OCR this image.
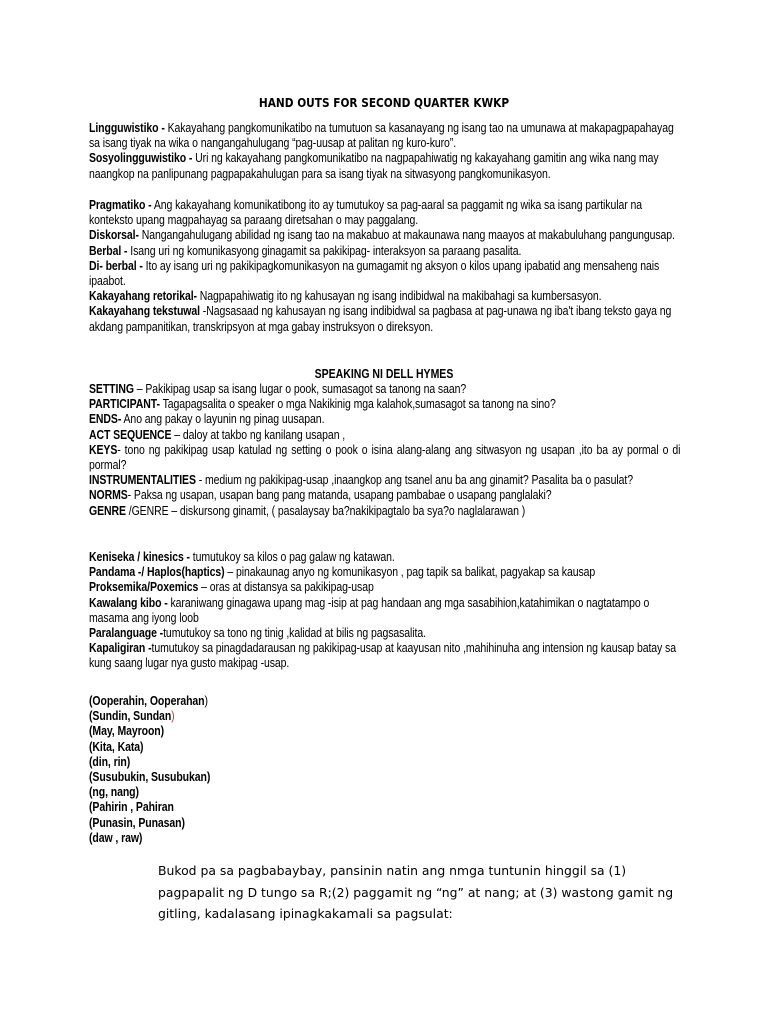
HAND OUTS FOR SECOND QUARTER KWKP

Lingguwistiko - Kakayahang pangkomunikatibo na tumutuon sa kasanayang ng isang tao na umunawa at makapagpapahayag sa isang tiyak na wika o nangangahulugang “pag-uusap at palitan ng kuro-kuro”.

Sosyolingguwistiko - Uri ng kakayahang pangkomunikatibo na nagpapahiwatig ng kakayahang gamitin ang wika nang may naangkop na panlipunang pagpapakahulugan para sa isang tiyak na sitwasyong pangkomunikasyon.

Pragmatiko - Ang kakayahang komunikatibong ito ay tumutukoy sa pag-aaral sa paggamit ng wika sa isang partikular na konteksto upang magpahayag sa paraang diretsahan o may paggalang.

Diskorsal- Nangangahulugang abilidad ng isang tao na makabuo at makaunawa nang maayos at makabuluhang pangungusap.

Berbal - Isang uri ng komunikasyong ginagamit sa pakikipag- interaksyon sa paraang pasalita.

Di- berbal - Ito ay isang uri ng pakikipagkomunikasyon na gumagamit ng aksyon o kilos upang ipabatid ang mensaheng nais ipaabot.

Kakayahang retorikal- Nagpapahiwatig ito ng kahusayan ng isang indibidwal na makibahagi sa kumbersasyon.

Kakayahang tekstuwal -Nagsasaad ng kahusayan ng isang indibidwal sa pagbasa at pag-unawa ng iba't ibang teksto gaya ng akdang pampanitikan, transkripsyon at mga gabay instruksyon o direksyon.

SPEAKING NI DELL HYMES

SETTING – Pakikipag usap sa isang lugar o pook, sumasagot sa tanong na saan?

PARTICIPANT- Tagapagsalita o speaker o mga Nakikinig mga kalahok,sumasagot sa tanong na sino?

ENDS- Ano ang pakay o layunin ng pinag uusapan.

ACT SEQUENCE – daloy at takbo ng kanilang usapan ,

KEYS- tono ng pakikipag usap katulad ng setting o pook o isina alang-alang ang sitwasyon ng usapan ,ito ba ay pormal o di pormal?

INSTRUMENTALITIES - medium ng pakikipag-usap ,inaangkop ang tsanel anu ba ang ginamit? Pasalita ba o pasulat?

NORMS- Paksa ng usapan, usapan bang pang matanda, usapang pambabae o usapang panglalaki?

GENRE /GENRE – diskursong ginamit, ( pasalaysay ba?nakikipagtalo ba sya?o naglalarawan )

Keniseka / kinesics - tumutukoy sa kilos o pag galaw ng katawan.

Pandama -/ Haplos(haptics) – pinakaunag anyo ng komunikasyon , pag tapik sa balikat, pagyakap sa kausap

Proksemika/Poxemics – oras at distansya sa pakikipag-usap

Kawalang kibo - karaniwang ginagawa upang mag -isip at pag handaan ang mga sasabihion,katahimikan o nagtatampo o masama ang iyong loob

Paralanguage -tumutukoy sa tono ng tinig ,kalidad at bilis ng pagsasalita.

Kapaligiran -tumutukoy sa pinagdadarausan ng pakikipag-usap at kaayusan nito ,mahihinuha ang intension ng kausap batay sa kung saang lugar nya gusto makipag -usap.

(Ooperahin, Ooperahan)
(Sundin, Sundan)
(May, Mayroon)
(Kita, Kata)
(din, rin)
(Susubukin, Susubukan)
(ng, nang)
(Pahirin , Pahiran
(Punasin, Punasan)
(daw , raw)
Bukod pa sa pagbabaybay, pansinin natin ang nmga tuntunin hinggil sa (1) pagpapalit ng D tungo sa R;(2) paggamit ng “ng” at nang; at (3) wastong gamit ng gitling, kadalasang ipinagkakamali sa pagsulat:
